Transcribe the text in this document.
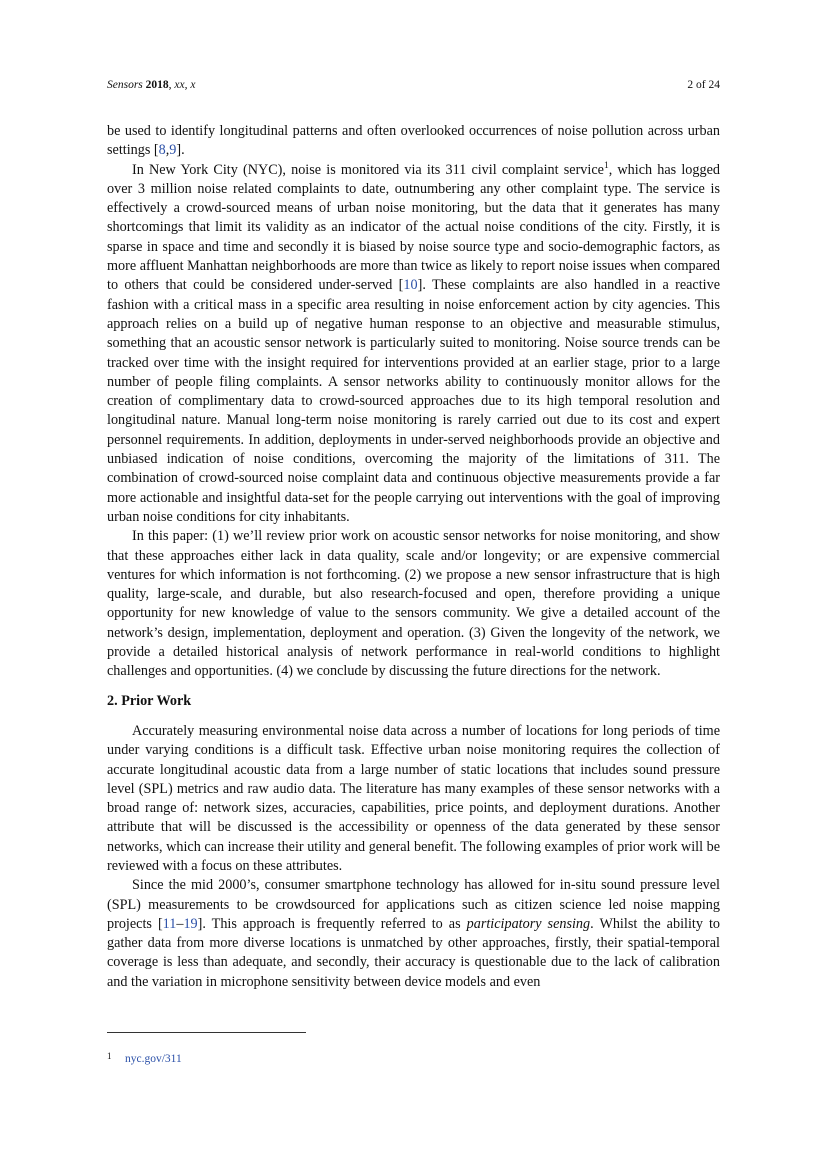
Sensors 2018, xx, x	2 of 24

be used to identify longitudinal patterns and often overlooked occurrences of noise pollution across urban settings [8,9].

In New York City (NYC), noise is monitored via its 311 civil complaint service$^1$, which has logged over 3 million noise related complaints to date, outnumbering any other complaint type. The service is effectively a crowd-sourced means of urban noise monitoring, but the data that it generates has many shortcomings that limit its validity as an indicator of the actual noise conditions of the city. Firstly, it is sparse in space and time and secondly it is biased by noise source type and socio-demographic factors, as more affluent Manhattan neighborhoods are more than twice as likely to report noise issues when compared to others that could be considered under-served [10]. These complaints are also handled in a reactive fashion with a critical mass in a specific area resulting in noise enforcement action by city agencies. This approach relies on a build up of negative human response to an objective and measurable stimulus, something that an acoustic sensor network is particularly suited to monitoring. Noise source trends can be tracked over time with the insight required for interventions provided at an earlier stage, prior to a large number of people filing complaints. A sensor networks ability to continuously monitor allows for the creation of complimentary data to crowd-sourced approaches due to its high temporal resolution and longitudinal nature. Manual long-term noise monitoring is rarely carried out due to its cost and expert personnel requirements. In addition, deployments in under-served neighborhoods provide an objective and unbiased indication of noise conditions, overcoming the majority of the limitations of 311. The combination of crowd-sourced noise complaint data and continuous objective measurements provide a far more actionable and insightful data-set for the people carrying out interventions with the goal of improving urban noise conditions for city inhabitants.

In this paper: (1) we’ll review prior work on acoustic sensor networks for noise monitoring, and show that these approaches either lack in data quality, scale and/or longevity; or are expensive commercial ventures for which information is not forthcoming. (2) we propose a new sensor infrastructure that is high quality, large-scale, and durable, but also research-focused and open, therefore providing a unique opportunity for new knowledge of value to the sensors community. We give a detailed account of the network’s design, implementation, deployment and operation. (3) Given the longevity of the network, we provide a detailed historical analysis of network performance in real-world conditions to highlight challenges and opportunities. (4) we conclude by discussing the future directions for the network.

2. Prior Work

Accurately measuring environmental noise data across a number of locations for long periods of time under varying conditions is a difficult task. Effective urban noise monitoring requires the collection of accurate longitudinal acoustic data from a large number of static locations that includes sound pressure level (SPL) metrics and raw audio data. The literature has many examples of these sensor networks with a broad range of: network sizes, accuracies, capabilities, price points, and deployment durations. Another attribute that will be discussed is the accessibility or openness of the data generated by these sensor networks, which can increase their utility and general benefit. The following examples of prior work will be reviewed with a focus on these attributes.

Since the mid 2000’s, consumer smartphone technology has allowed for in-situ sound pressure level (SPL) measurements to be crowdsourced for applications such as citizen science led noise mapping projects [11–19]. This approach is frequently referred to as participatory sensing. Whilst the ability to gather data from more diverse locations is unmatched by other approaches, firstly, their spatial-temporal coverage is less than adequate, and secondly, their accuracy is questionable due to the lack of calibration and the variation in microphone sensitivity between device models and even

1 nyc.gov/311
